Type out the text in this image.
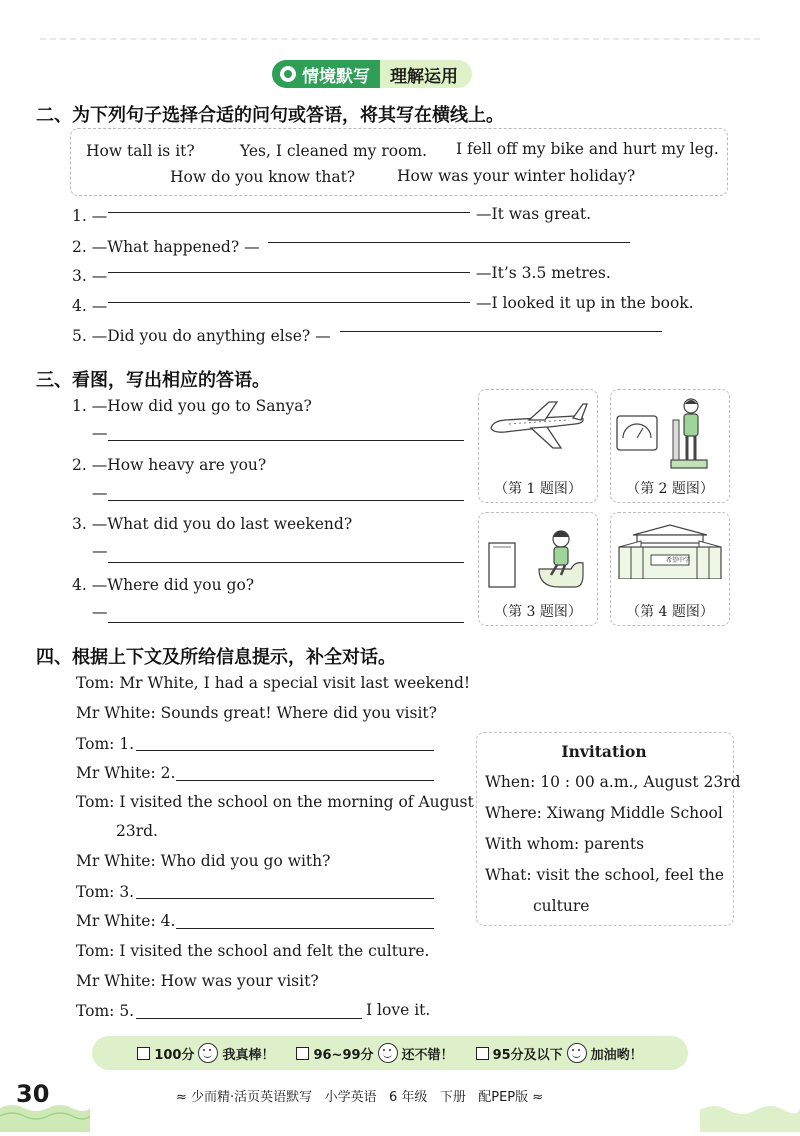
情境默写 理解运用
二、为下列句子选择合适的问句或答语，将其写在横线上。
How tall is it?	Yes, I cleaned my room. I fell off my bike and hurt my leg.
How do you know that?	How was your winter holiday?
1. —	—It was great.
2. —What happened? —
3. —	—It’s 3.5 metres.
4. —	—I looked it up in the book.
5. —Did you do anything else? —
三、看图，写出相应的答语。
1. —How did you go to Sanya?
—
2. —How heavy are you?
—
3. —What did you do last weekend?
—
4. —Where did you go?
—
（第 1 题图）	（第 2 题图）
（第 3 题图）
希望中学
（第 4 题图）
四、根据上下文及所给信息提示，补全对话。
Tom: Mr White, I had a special visit last weekend!
Mr White: Sounds great! Where did you visit?
Tom: 1.
Mr White: 2.
Tom: I visited the school on the morning of August
23rd.
Mr White: Who did you go with?
Tom: 3.
Mr White: 4.
Tom: I visited the school and felt the culture.
Mr White: How was your visit?
Tom: 5.	I love it.
Invitation
When: 10 : 00 a.m., August 23rd
Where: Xiwang Middle School
With whom: parents
What: visit the school, feel the
culture
100分 我真棒！	96~99分 还不错！	95分及以下 加油哟！
30	≈ 少而精·活页英语默写 小学英语 6 年级 下册 配PEP版 ≈
